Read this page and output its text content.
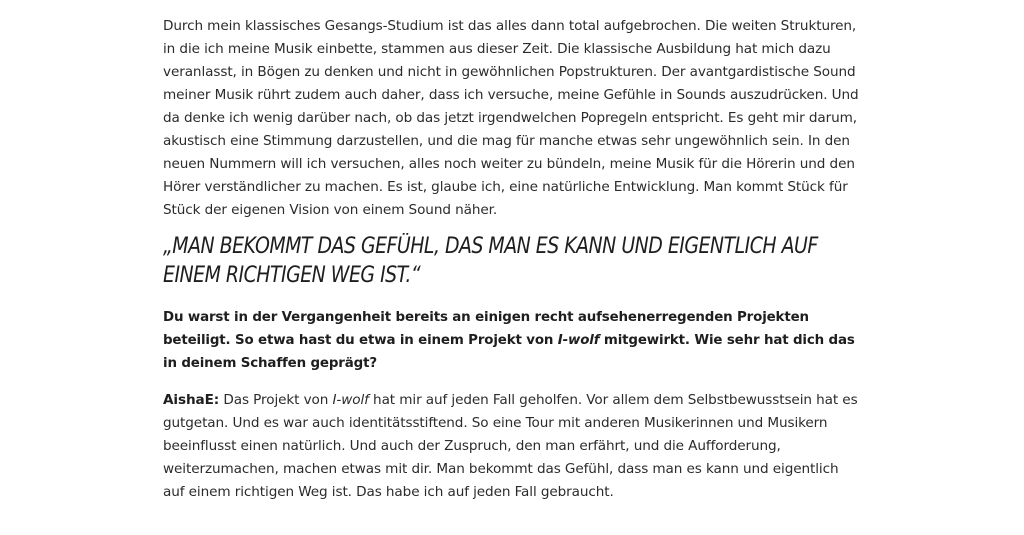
Durch mein klassisches Gesangs-Studium ist das alles dann total aufgebrochen. Die weiten Strukturen, in die ich meine Musik einbette, stammen aus dieser Zeit. Die klassische Ausbildung hat mich dazu veranlasst, in Bögen zu denken und nicht in gewöhnlichen Popstrukturen. Der avantgardistische Sound meiner Musik rührt zudem auch daher, dass ich versuche, meine Gefühle in Sounds auszudrücken. Und da denke ich wenig darüber nach, ob das jetzt irgendwelchen Popregeln entspricht. Es geht mir darum, akustisch eine Stimmung darzustellen, und die mag für manche etwas sehr ungewöhnlich sein. In den neuen Nummern will ich versuchen, alles noch weiter zu bündeln, meine Musik für die Hörerin und den Hörer verständlicher zu machen. Es ist, glaube ich, eine natürliche Entwicklung. Man kommt Stück für Stück der eigenen Vision von einem Sound näher.

„MAN BEKOMMT DAS GEFÜHL, DAS MAN ES KANN UND EIGENTLICH AUF EINEM RICHTIGEN WEG IST.“

Du warst in der Vergangenheit bereits an einigen recht aufsehenerregenden Projekten beteiligt. So etwa hast du etwa in einem Projekt von I-wolf mitgewirkt. Wie sehr hat dich das in deinem Schaffen geprägt?

AishaE: Das Projekt von I-wolf hat mir auf jeden Fall geholfen. Vor allem dem Selbstbewusstsein hat es gutgetan. Und es war auch identitätsstiftend. So eine Tour mit anderen Musikerinnen und Musikern beeinflusst einen natürlich. Und auch der Zuspruch, den man erfährt, und die Aufforderung, weiterzumachen, machen etwas mit dir. Man bekommt das Gefühl, dass man es kann und eigentlich auf einem richtigen Weg ist. Das habe ich auf jeden Fall gebraucht.
